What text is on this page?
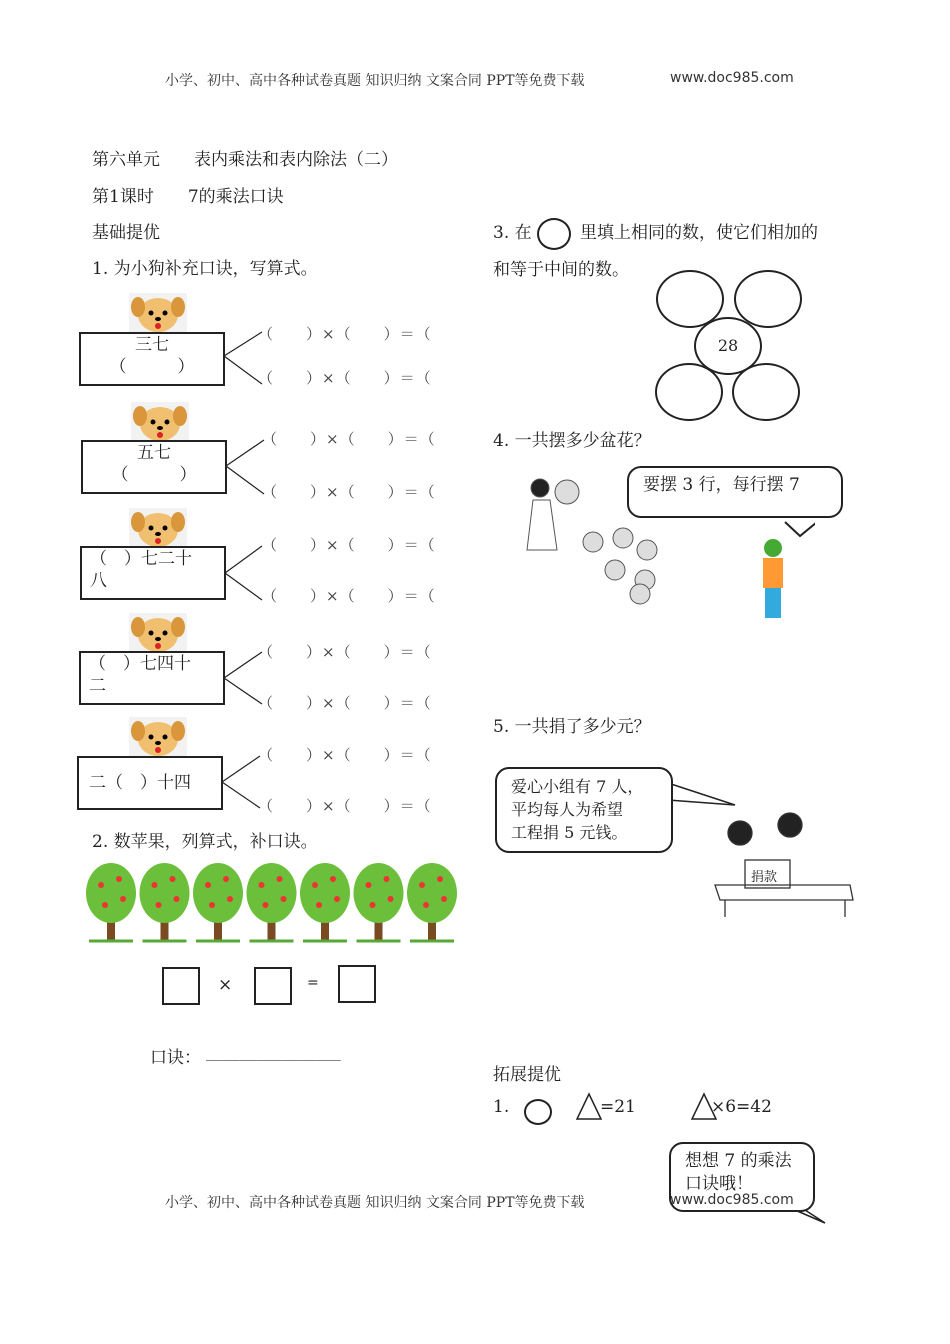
小学、初中、高中各种试卷真题 知识归纳 文案合同 PPT等免费下载	www.doc985.com
第六单元　　表内乘法和表内除法（二）
第1课时　　7的乘法口诀
基础提优
1. 为小狗补充口诀，写算式。
三七
（　　　）
五七
（　　　）
（　）七二十
八
（　）七四十
二
二（　）十四
（　　）×（　　）＝（
（　　）×（　　）＝（
（　　）×（　　）＝（
（　　）×（　　）＝（
（　　）×（　　）＝（
（　　）×（　　）＝（
（　　）×（　　）＝（
（　　）×（　　）＝（
（　　）×（　　）＝（
（　　）×（　　）＝（
2. 数苹果，列算式，补口诀。
×	=
口诀： ________________
3. 在	里填上相同的数，使它们相加的
和等于中间的数。
28
4. 一共摆多少盆花？
要摆 3 行，每行摆 7
5. 一共捐了多少元？
爱心小组有 7 人，
平均每人为希望
工程捐 5 元钱。
捐款
拓展提优
1.	=21	×6=42
想想 7 的乘法
口诀哦！
小学、初中、高中各种试卷真题 知识归纳 文案合同 PPT等免费下载	www.doc985.com
